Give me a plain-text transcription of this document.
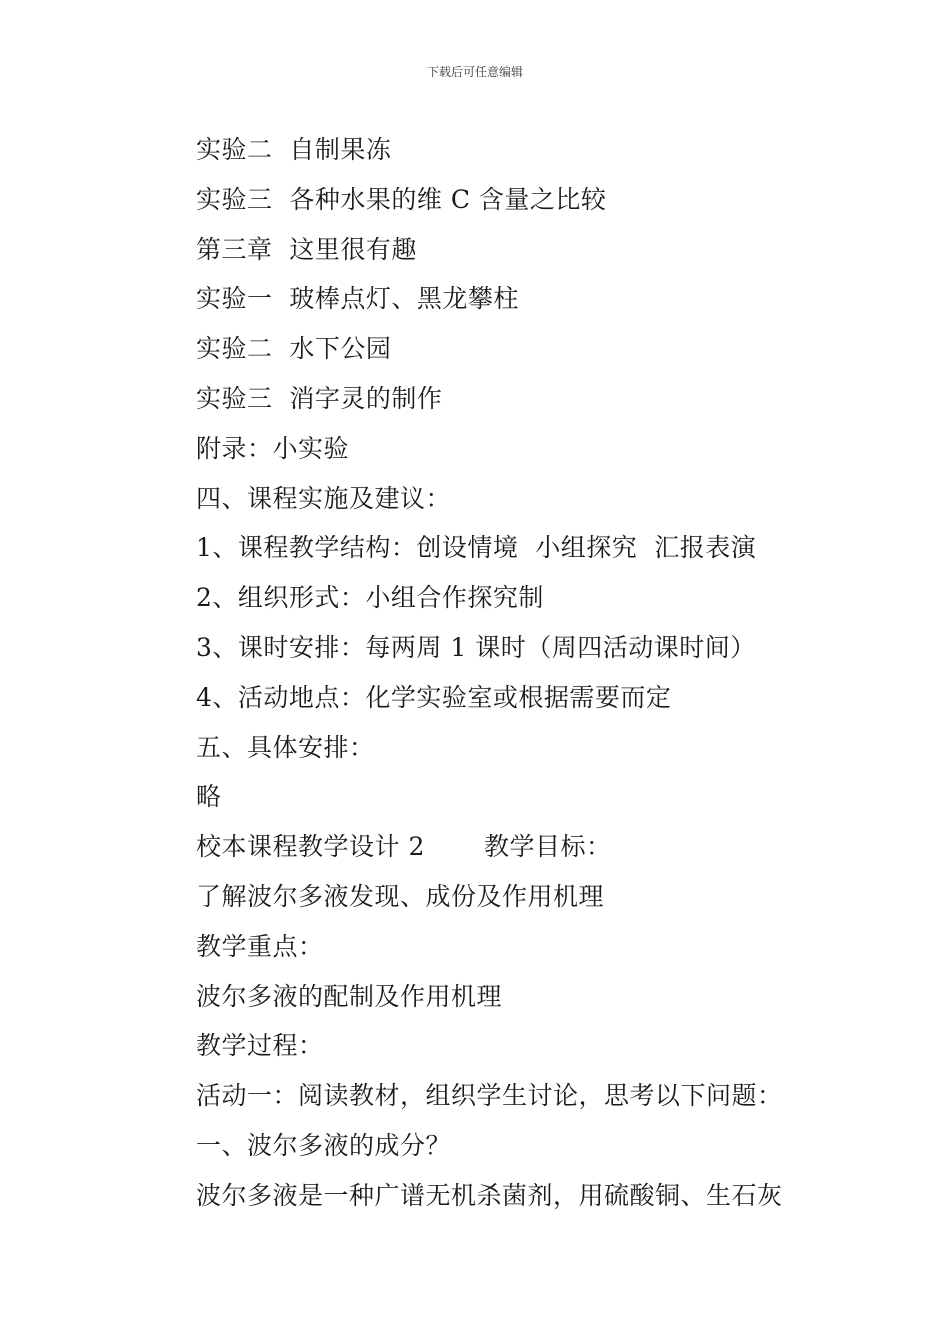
下载后可任意编辑
实验二  自制果冻
实验三  各种水果的维 C 含量之比较
第三章  这里很有趣
实验一  玻棒点灯、黑龙攀柱
实验二  水下公园
实验三  消字灵的制作
附录：小实验
四、课程实施及建议：
1、课程教学结构：创设情境  小组探究  汇报表演
2、组织形式：小组合作探究制
3、课时安排：每两周 1 课时（周四活动课时间）
4、活动地点：化学实验室或根据需要而定
五、具体安排：
略
校本课程教学设计 2       教学目标：
了解波尔多液发现、成份及作用机理
教学重点：
波尔多液的配制及作用机理
教学过程：
活动一：阅读教材，组织学生讨论，思考以下问题：
一、波尔多液的成分？
波尔多液是一种广谱无机杀菌剂，用硫酸铜、生石灰
